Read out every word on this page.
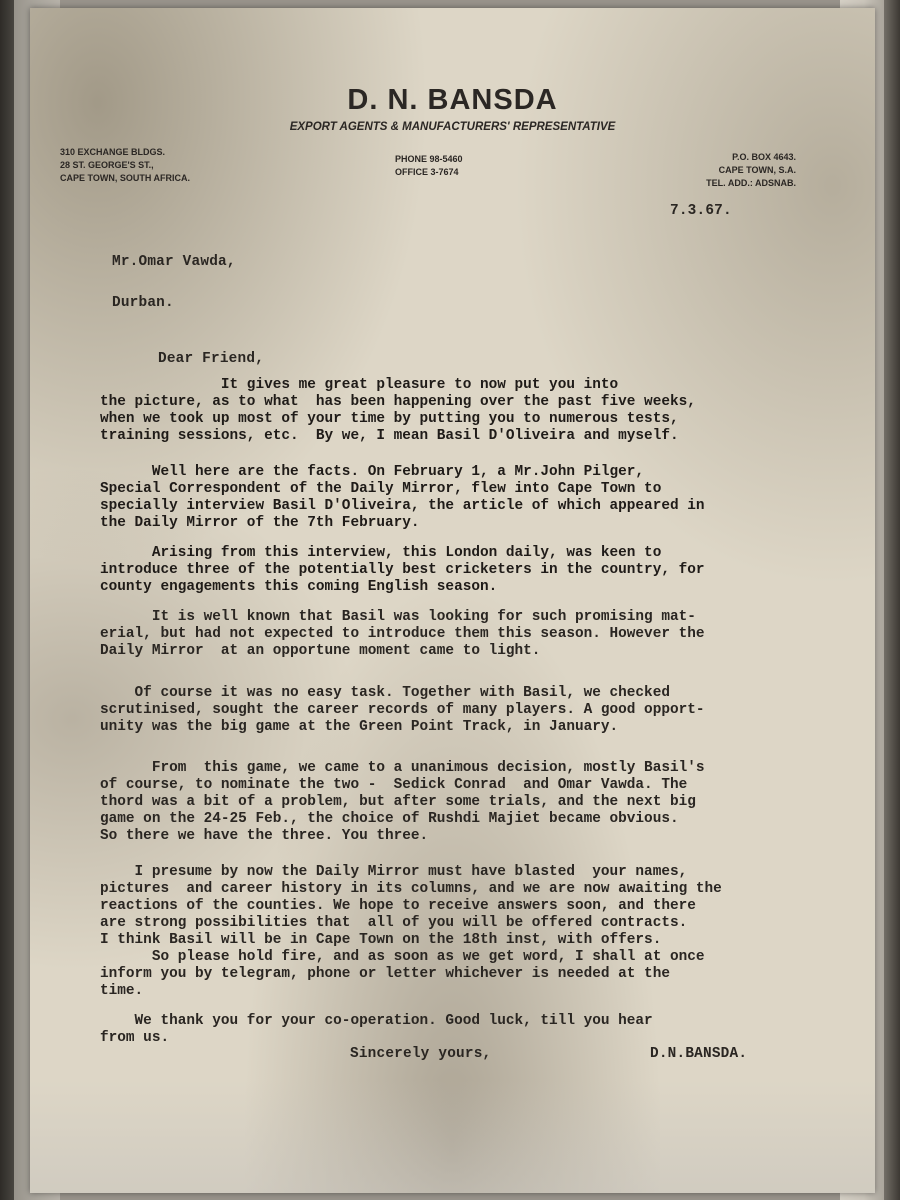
D. N. BANSDA
EXPORT AGENTS & MANUFACTURERS' REPRESENTATIVE
310 EXCHANGE BLDGS.
28 ST. GEORGE'S ST.,
CAPE TOWN, SOUTH AFRICA.
PHONE 98-5460
OFFICE 3-7674
P.O. BOX 4643.
CAPE TOWN, S.A.
TEL. ADD.: ADSNAB.
7.3.67.
Mr.Omar Vawda,
Durban.
Dear Friend,
It gives me great pleasure to now put you into
the picture, as to what  has been happening over the past five weeks,
when we took up most of your time by putting you to numerous tests,
training sessions, etc.  By we, I mean Basil D'Oliveira and myself.
Well here are the facts. On February 1, a Mr.John Pilger,
Special Correspondent of the Daily Mirror, flew into Cape Town to
specially interview Basil D'Oliveira, the article of which appeared in
the Daily Mirror of the 7th February.
Arising from this interview, this London daily, was keen to
introduce three of the potentially best cricketers in the country, for
county engagements this coming English season.
It is well known that Basil was looking for such promising mat-
erial, but had not expected to introduce them this season. However the
Daily Mirror  at an opportune moment came to light.
Of course it was no easy task. Together with Basil, we checked
scrutinised, sought the career records of many players. A good opport-
unity was the big game at the Green Point Track, in January.
From  this game, we came to a unanimous decision, mostly Basil's
of course, to nominate the two -  Sedick Conrad  and Omar Vawda. The
thord was a bit of a problem, but after some trials, and the next big
game on the 24-25 Feb., the choice of Rushdi Majiet became obvious.
So there we have the three. You three.
I presume by now the Daily Mirror must have blasted  your names,
pictures  and career history in its columns, and we are now awaiting the
reactions of the counties. We hope to receive answers soon, and there
are strong possibilities that  all of you will be offered contracts.
I think Basil will be in Cape Town on the 18th inst, with offers.
So please hold fire, and as soon as we get word, I shall at once
inform you by telegram, phone or letter whichever is needed at the
time.
We thank you for your co-operation. Good luck, till you hear
from us.
Sincerely yours,	D.N.BANSDA.
